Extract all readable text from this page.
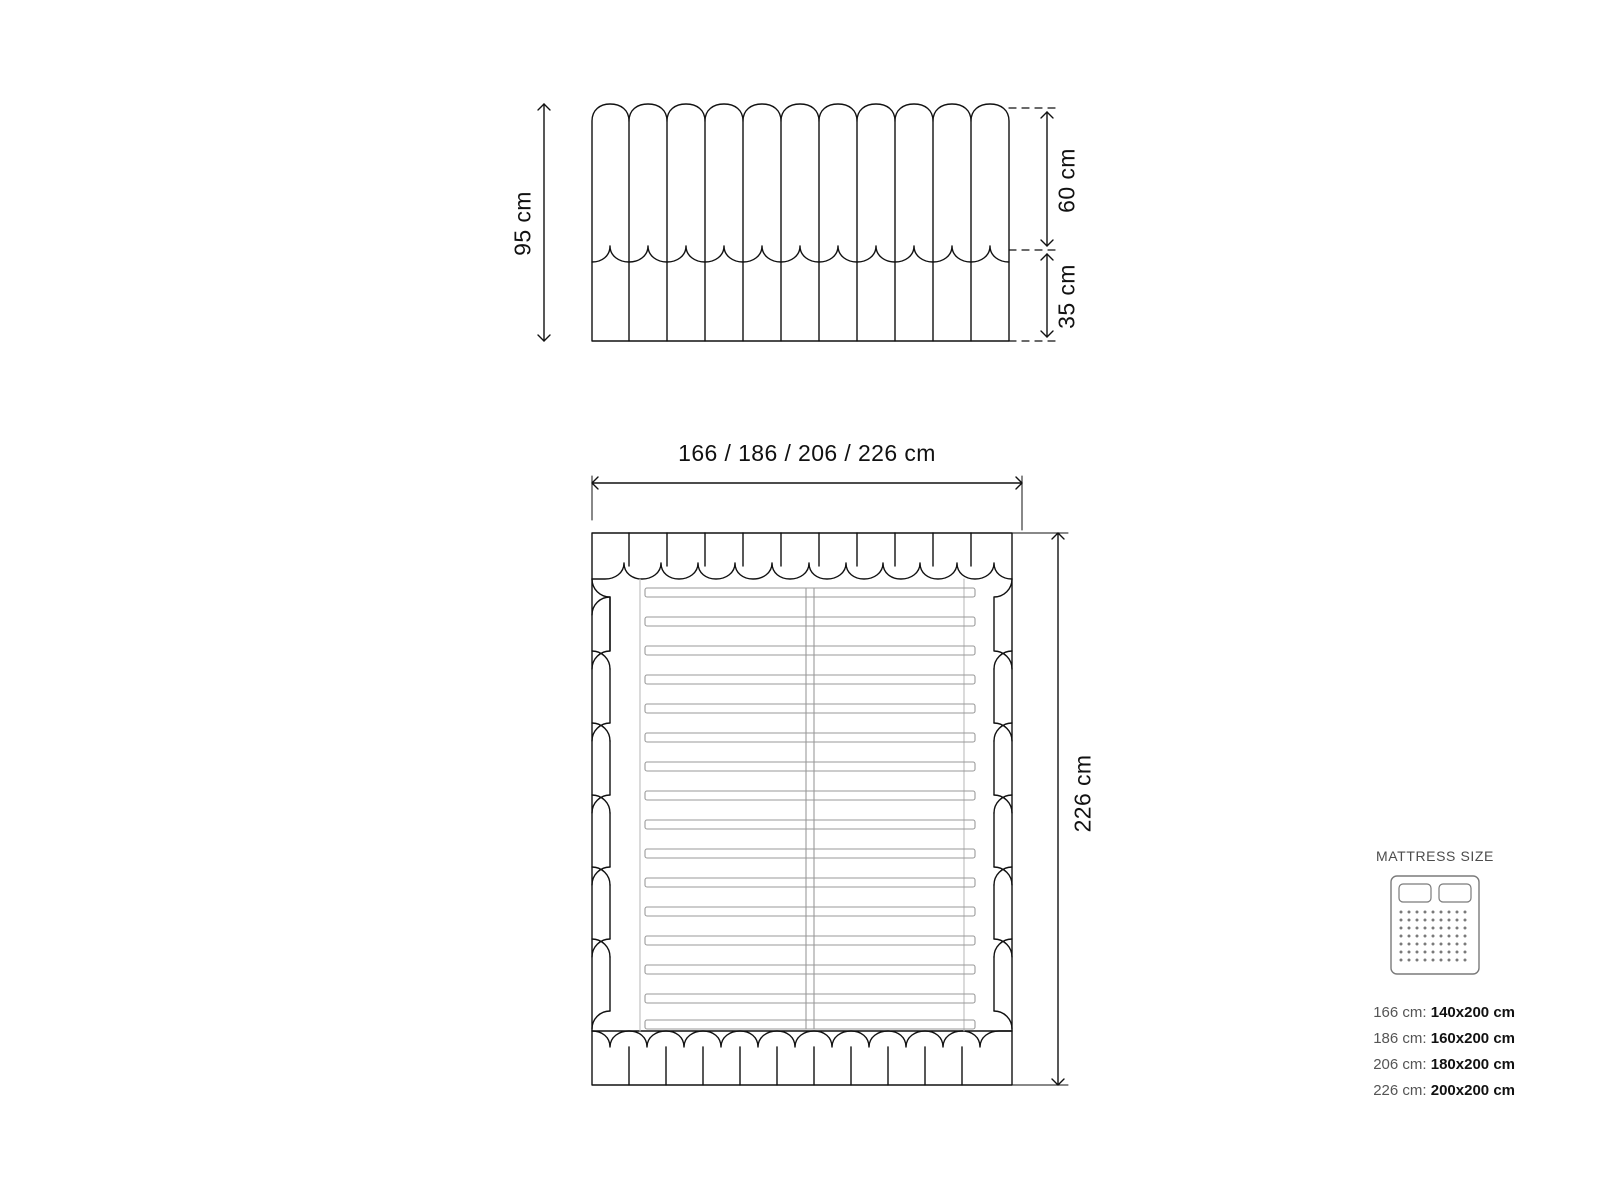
95 cm
60 cm
35 cm
166 / 186 / 206 / 226 cm
226 cm
MATTRESS SIZE
166 cm: 140x200 cm
186 cm: 160x200 cm
206 cm: 180x200 cm
226 cm: 200x200 cm
